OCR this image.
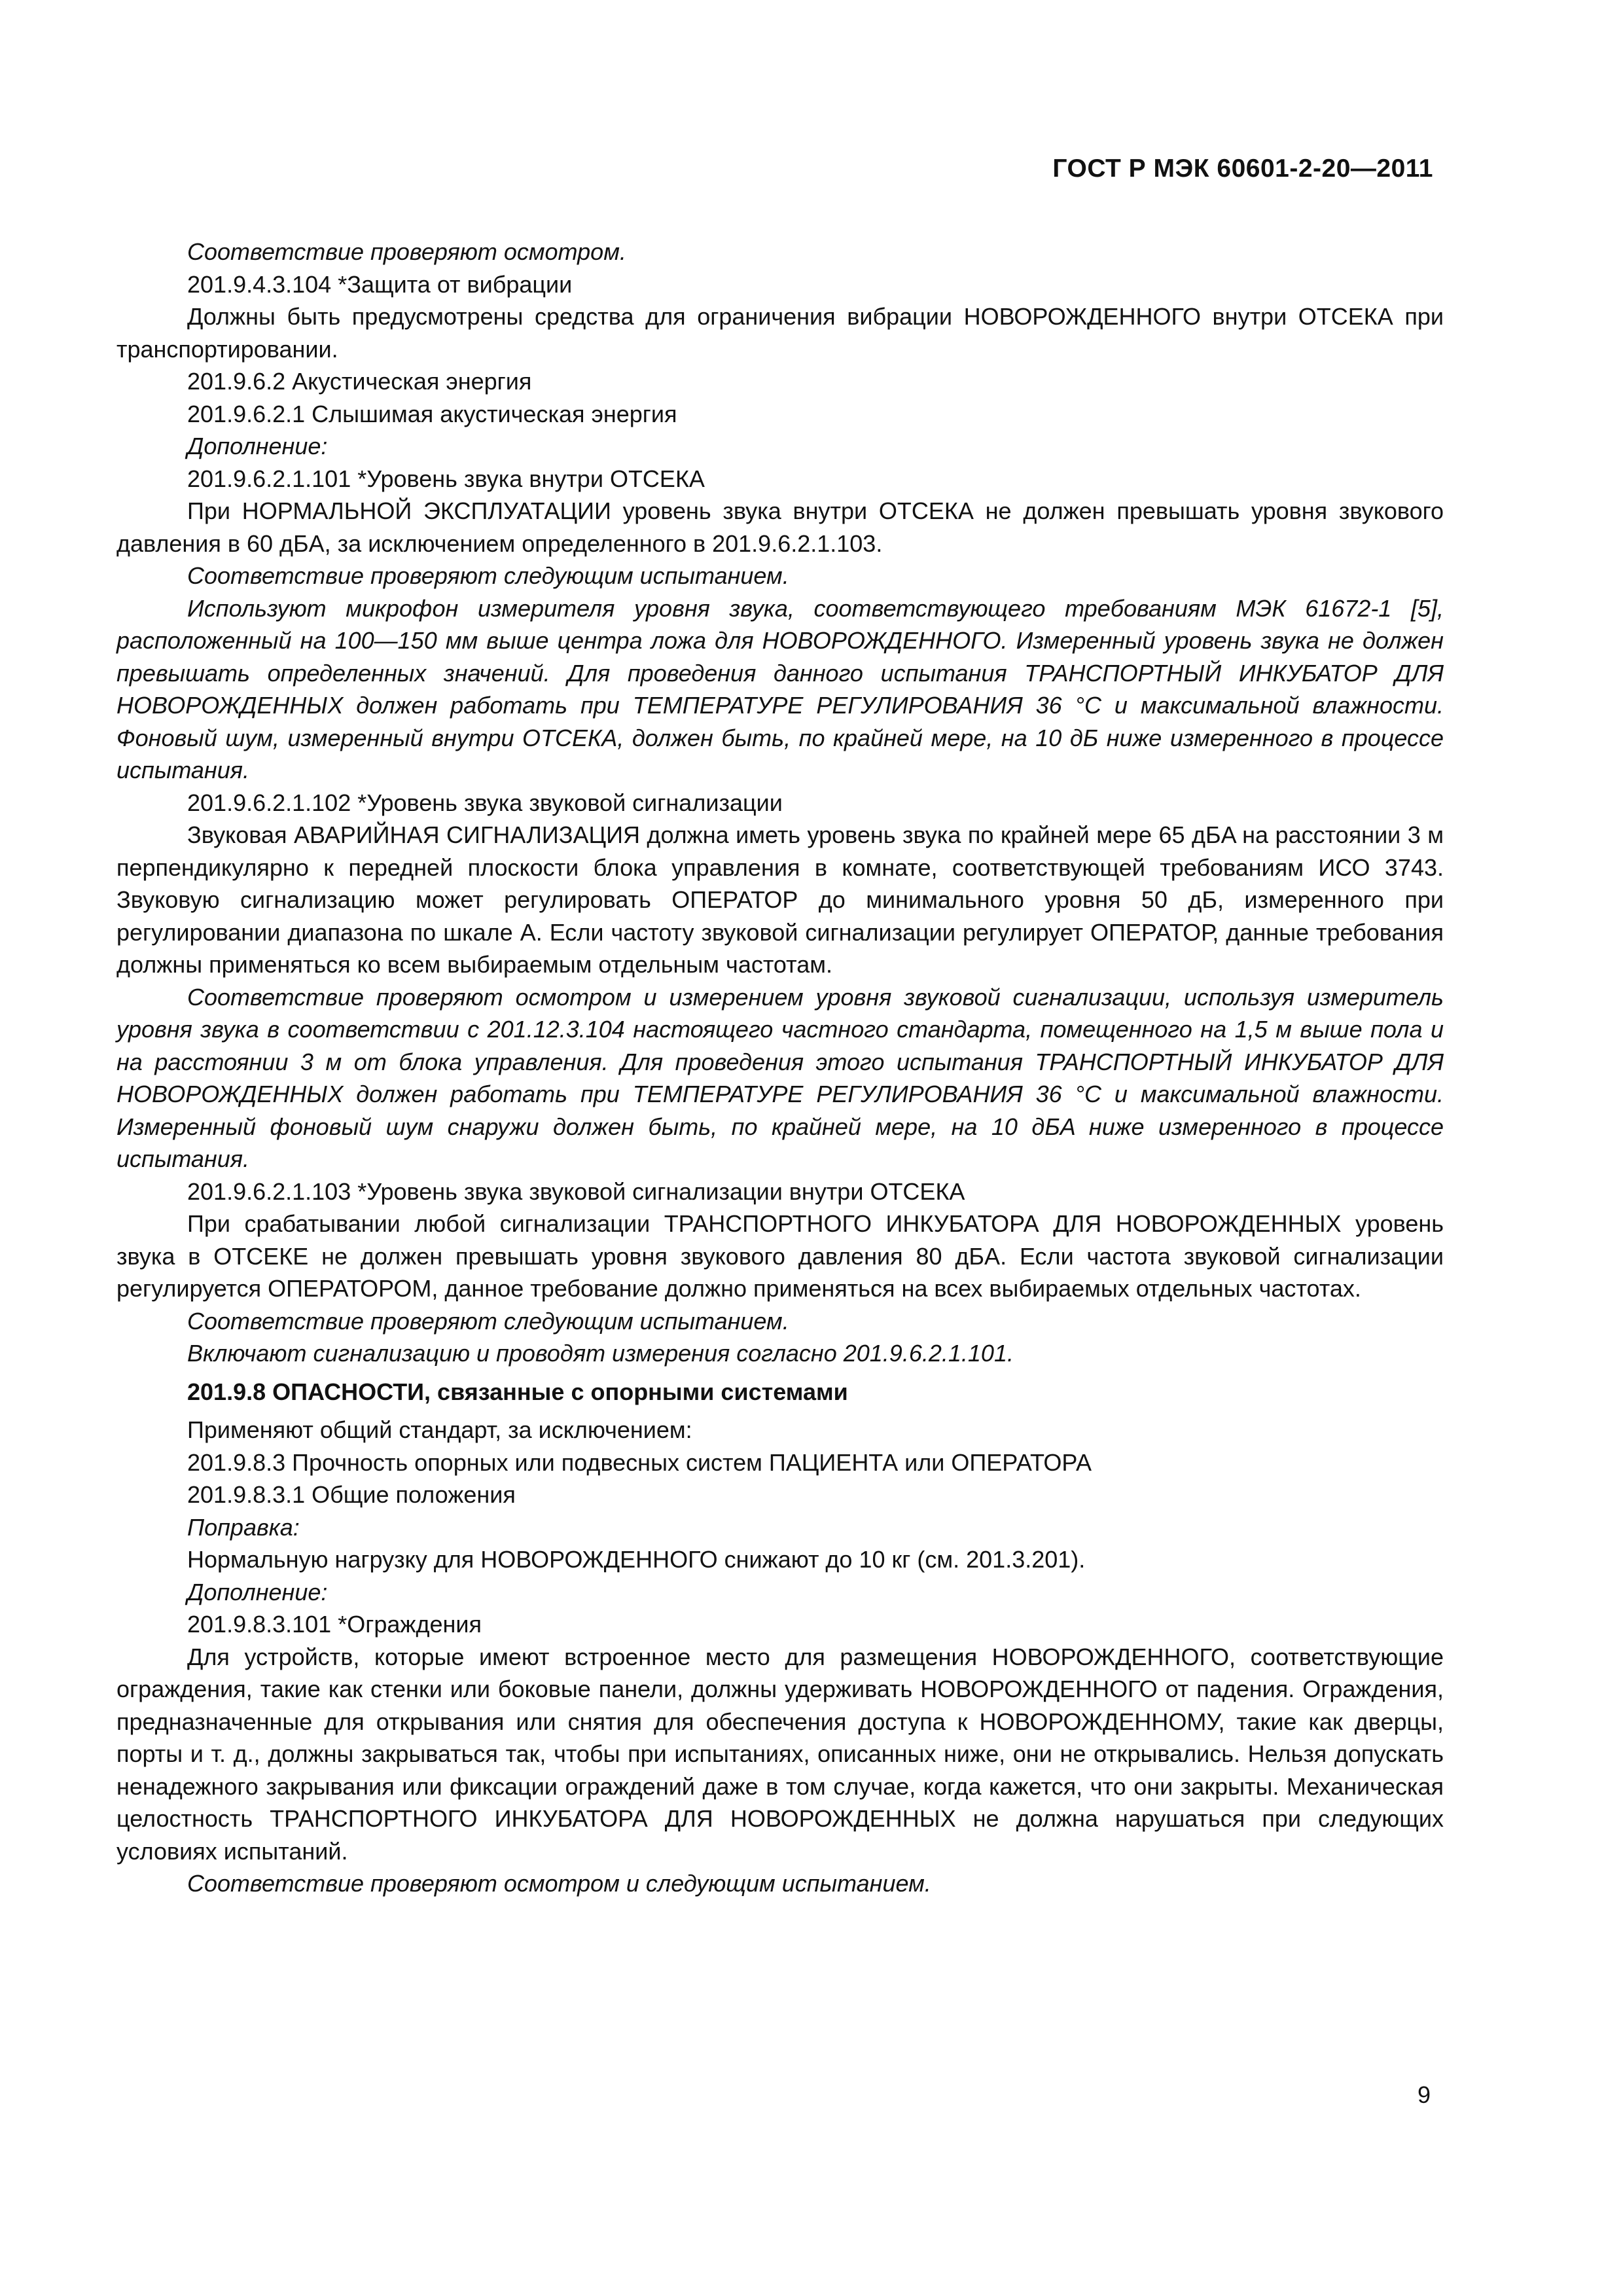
ГОСТ Р МЭК 60601-2-20—2011

Соответствие проверяют осмотром.

201.9.4.3.104 *Защита от вибрации

Должны быть предусмотрены средства для ограничения вибрации НОВОРОЖДЕННОГО внутри ОТСЕКА при транспортировании.

201.9.6.2 Акустическая энергия

201.9.6.2.1 Слышимая акустическая энергия

Дополнение:

201.9.6.2.1.101 *Уровень звука внутри ОТСЕКА

При НОРМАЛЬНОЙ ЭКСПЛУАТАЦИИ уровень звука внутри ОТСЕКА не должен превышать уровня звукового давления в 60 дБA, за исключением определенного в 201.9.6.2.1.103.

Соответствие проверяют следующим испытанием.

Используют микрофон измерителя уровня звука, соответствующего требованиям МЭК 61672-1 [5], расположенный на 100—150 мм выше центра ложа для НОВОРОЖДЕННОГО. Измеренный уровень звука не должен превышать определенных значений. Для проведения данного испытания ТРАНСПОРТНЫЙ ИНКУБАТОР ДЛЯ НОВОРОЖДЕННЫХ должен работать при ТЕМПЕРАТУРЕ РЕГУЛИРОВАНИЯ 36 °С и максимальной влажности. Фоновый шум, измеренный внутри ОТСЕКА, должен быть, по крайней мере, на 10 дБ ниже измеренного в процессе испытания.

201.9.6.2.1.102 *Уровень звука звуковой сигнализации

Звуковая АВАРИЙНАЯ СИГНАЛИЗАЦИЯ должна иметь уровень звука по крайней мере 65 дБA на расстоянии 3 м перпендикулярно к передней плоскости блока управления в комнате, соответствующей требованиям ИСО 3743. Звуковую сигнализацию может регулировать ОПЕРАТОР до минимального уровня 50 дБ, измеренного при регулировании диапазона по шкале A. Если частоту звуковой сигнализации регулирует ОПЕРАТОР, данные требования должны применяться ко всем выбираемым отдельным частотам.

Соответствие проверяют осмотром и измерением уровня звуковой сигнализации, используя измеритель уровня звука в соответствии с 201.12.3.104 настоящего частного стандарта, помещенного на 1,5 м выше пола и на расстоянии 3 м от блока управления. Для проведения этого испытания ТРАНСПОРТНЫЙ ИНКУБАТОР ДЛЯ НОВОРОЖДЕННЫХ должен работать при ТЕМПЕРАТУРЕ РЕГУЛИРОВАНИЯ 36 °С и максимальной влажности. Измеренный фоновый шум снаружи должен быть, по крайней мере, на 10 дБA ниже измеренного в процессе испытания.

201.9.6.2.1.103 *Уровень звука звуковой сигнализации внутри ОТСЕКА

При срабатывании любой сигнализации ТРАНСПОРТНОГО ИНКУБАТОРА ДЛЯ НОВОРОЖДЕННЫХ уровень звука в ОТСЕКЕ не должен превышать уровня звукового давления 80 дБA. Если частота звуковой сигнализации регулируется ОПЕРАТОРОМ, данное требование должно применяться на всех выбираемых отдельных частотах.

Соответствие проверяют следующим испытанием.

Включают сигнализацию и проводят измерения согласно 201.9.6.2.1.101.

201.9.8 ОПАСНОСТИ, связанные с опорными системами

Применяют общий стандарт, за исключением:

201.9.8.3 Прочность опорных или подвесных систем ПАЦИЕНТА или ОПЕРАТОРА

201.9.8.3.1 Общие положения

Поправка:

Нормальную нагрузку для НОВОРОЖДЕННОГО снижают до 10 кг (см. 201.3.201).

Дополнение:

201.9.8.3.101 *Ограждения

Для устройств, которые имеют встроенное место для размещения НОВОРОЖДЕННОГО, соответствующие ограждения, такие как стенки или боковые панели, должны удерживать НОВОРОЖДЕННОГО от падения. Ограждения, предназначенные для открывания или снятия для обеспечения доступа к НОВОРОЖДЕННОМУ, такие как дверцы, порты и т. д., должны закрываться так, чтобы при испытаниях, описанных ниже, они не открывались. Нельзя допускать ненадежного закрывания или фиксации ограждений даже в том случае, когда кажется, что они закрыты. Механическая целостность ТРАНСПОРТНОГО ИНКУБАТОРА ДЛЯ НОВОРОЖДЕННЫХ не должна нарушаться при следующих условиях испытаний.

Соответствие проверяют осмотром и следующим испытанием.

9
